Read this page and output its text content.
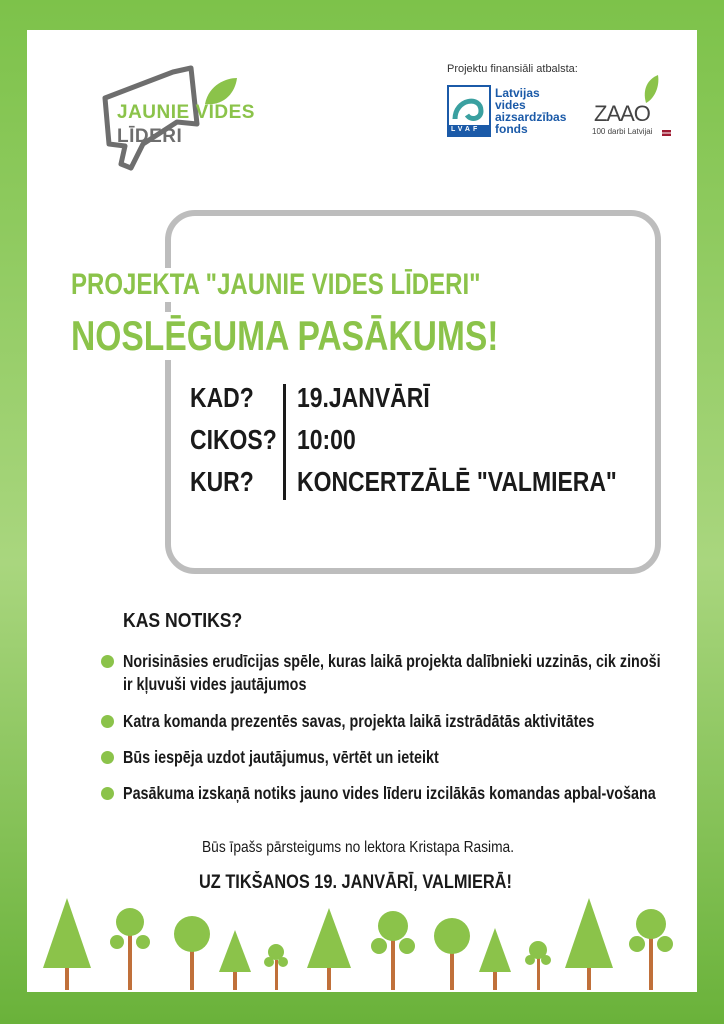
JAUNIE VIDES
LĪDERI
Projektu finansiāli atbalsta:
LVAF
Latvijas
vides
aizsardzības
fonds
ZAAO
100 darbi Latvijai
PROJEKTA "JAUNIE VIDES LĪDERI"
NOSLĒGUMA PASĀKUMS!
KAD? 19.JANVĀRĪ
CIKOS? 10:00
KUR? KONCERTZĀLĒ "VALMIERA"
KAS NOTIKS?
Norisināsies erudīcijas spēle, kuras laikā projekta dalībnieki uzzinās, cik zinoši ir kļuvuši vides jautājumos
Katra komanda prezentēs savas, projekta laikā izstrādātās aktivitātes
Būs iespēja uzdot jautājumus, vērtēt un ieteikt
Pasākuma izskaņā notiks jauno vides līderu izcilākās komandas apbal-vošana
Būs īpašs pārsteigums no lektora Kristapa Rasima.
UZ TIKŠANOS 19. JANVĀRĪ, VALMIERĀ!
